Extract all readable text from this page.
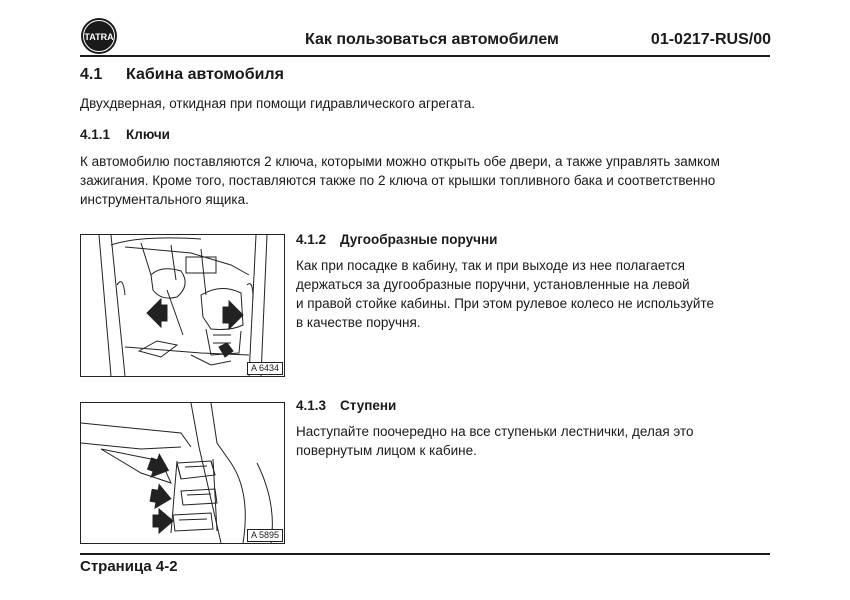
TATRA	Как пользоваться автомобилем	01-0217-RUS/00
4.1 Кабина автомобиля
Двухдверная, откидная при помощи гидравлического агрегата.
4.1.1 Ключи
К автомобилю поставляются 2 ключа, которыми можно открыть обе двери, а также управлять замком
зажигания. Кроме того, поставляются также по 2 ключа от крышки топливного бака и соответственно
инструментального ящика.
A 6434
4.1.2 Дугообразные поручни
Как при посадке в кабину, так и при выходе из нее полагается
держаться за дугообразные поручни, установленные на левой
и правой стойке кабины. При этом рулевое колесо не используйте
в качестве поручня.
A 5895
4.1.3 Ступени
Наступайте поочередно на все ступеньки лестнички, делая это
повернутым лицом к кабине.
Страница 4-2
